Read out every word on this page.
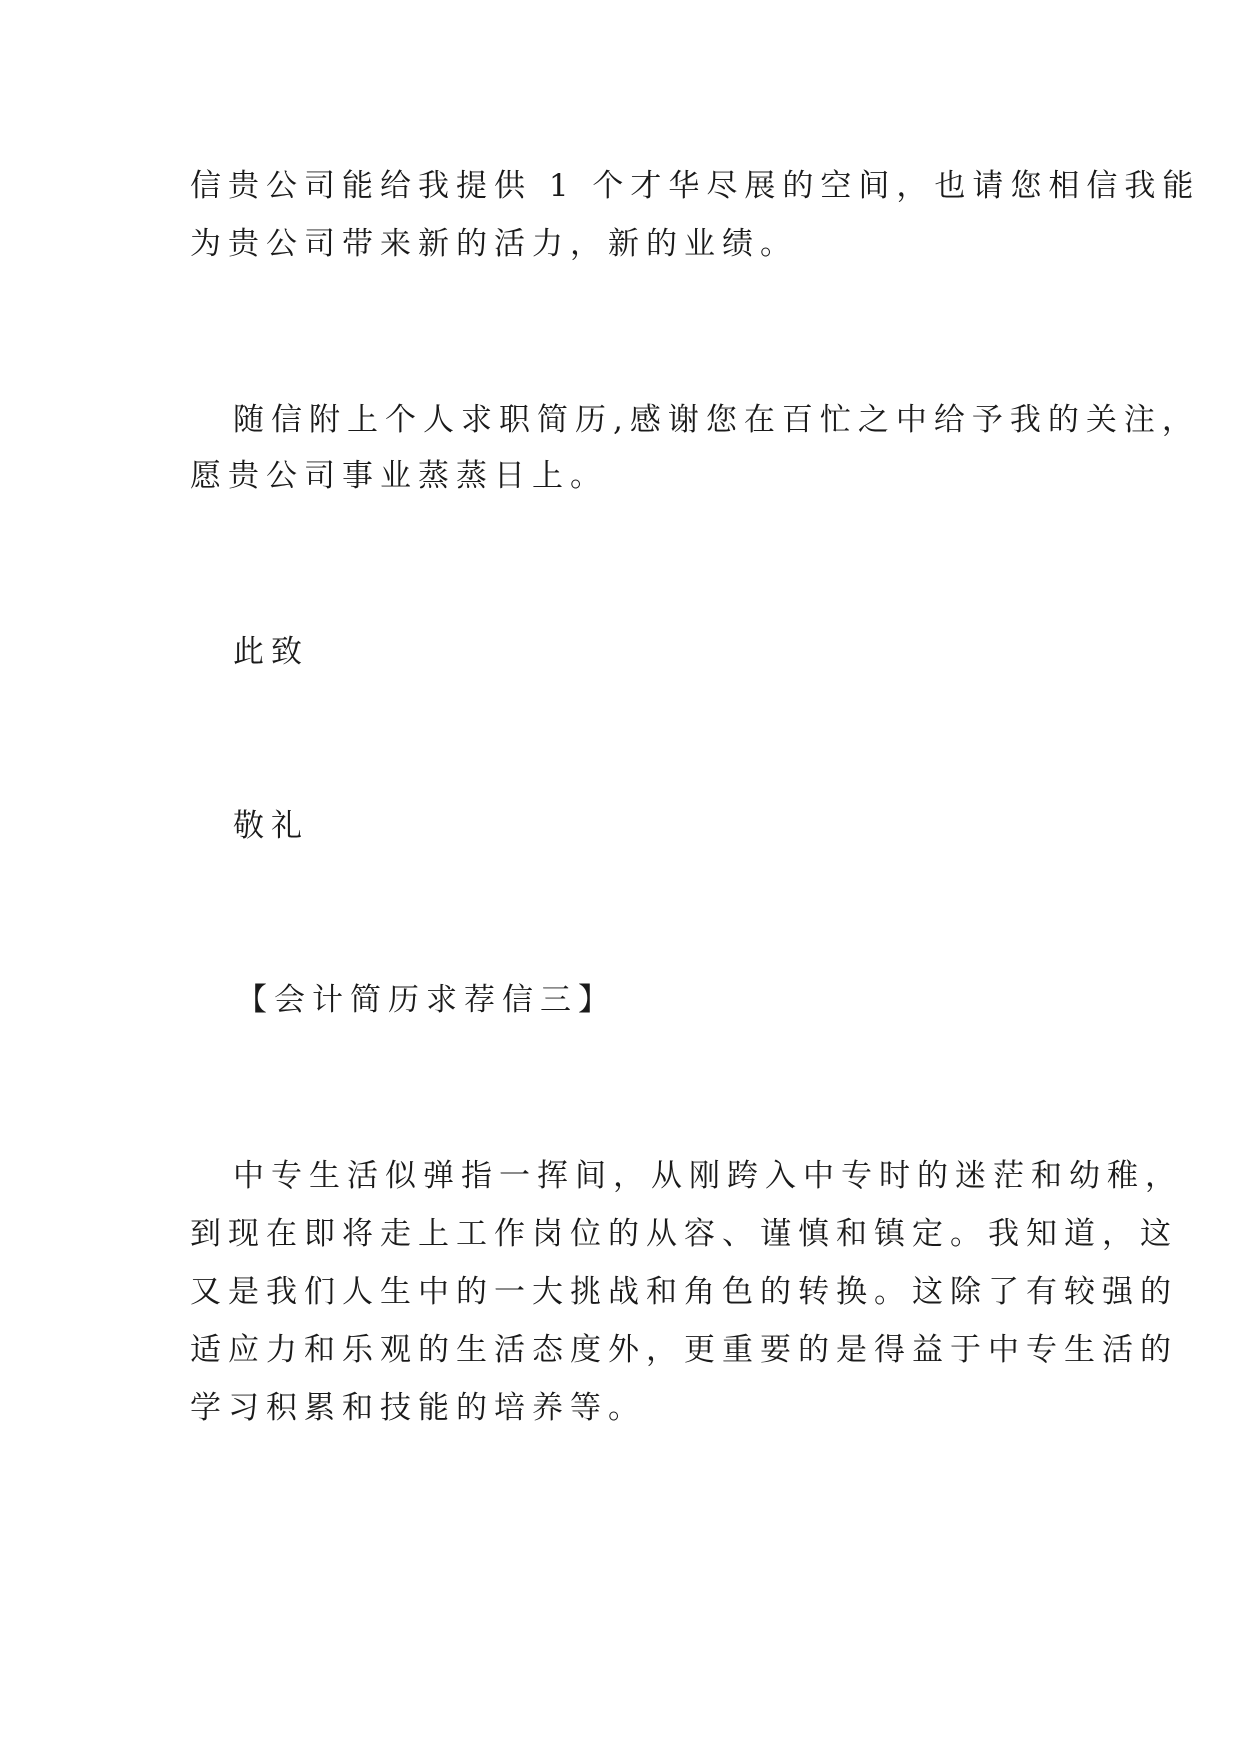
信贵公司能给我提供 1 个才华尽展的空间，也请您相信我能
为贵公司带来新的活力，新的业绩。
随信附上个人求职简历,感谢您在百忙之中给予我的关注，
愿贵公司事业蒸蒸日上。
此致
敬礼
【会计简历求荐信三】
中专生活似弹指一挥间，从刚跨入中专时的迷茫和幼稚，
到现在即将走上工作岗位的从容、谨慎和镇定。我知道，这
又是我们人生中的一大挑战和角色的转换。这除了有较强的
适应力和乐观的生活态度外，更重要的是得益于中专生活的
学习积累和技能的培养等。
